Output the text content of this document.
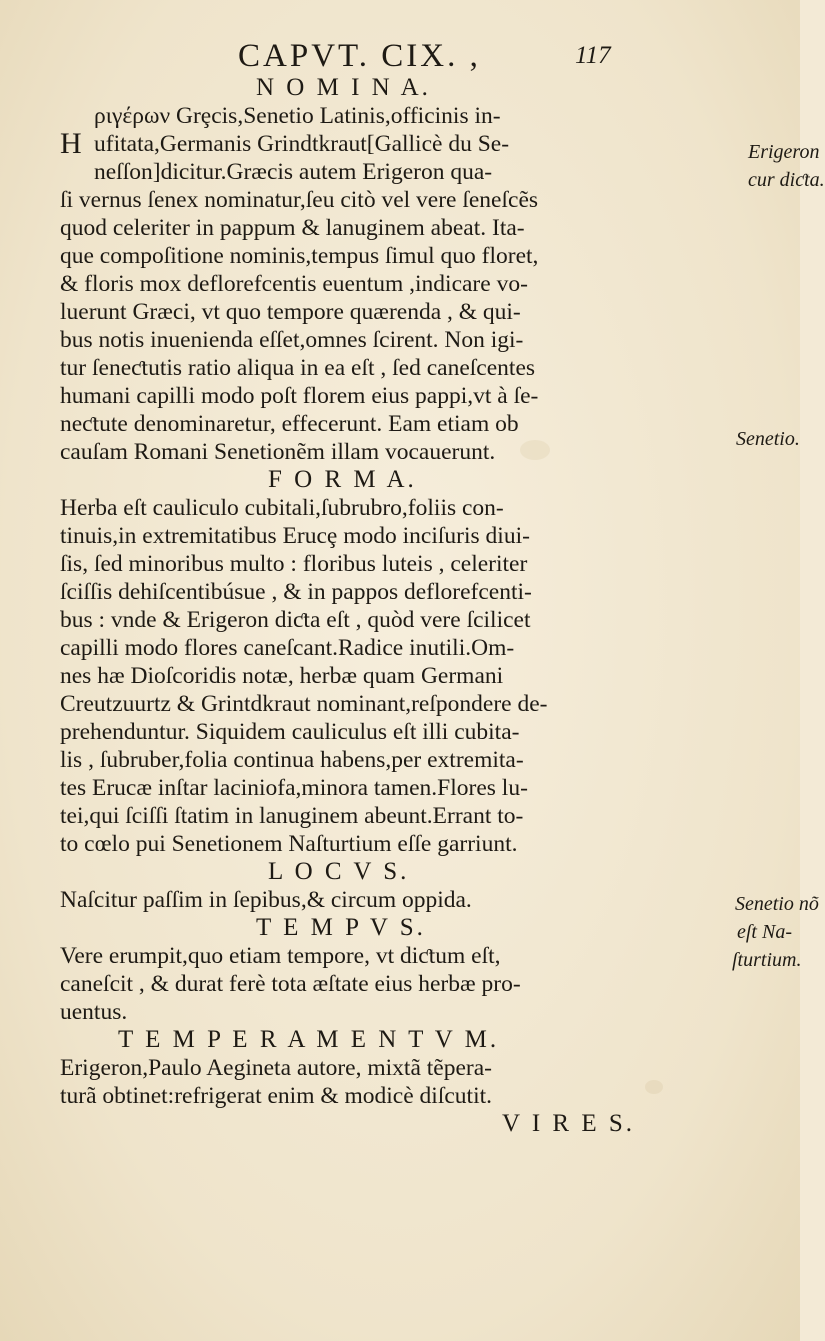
CAPVT. CIX. ,	117
N O M I N A.
ριγέρων Grȩcis,Senetio Latinis,officinis in-
H ufitata,Germanis Grindtkraut[Gallicè du Se-
neſſon]dicitur.Græcis autem Erigeron qua-
ſi vernus ſenex nominatur,ſeu citò vel vere ſeneſcẽs
quod celeriter in pappum & lanuginem abeat. Ita-
que compoſitione nominis,tempus ſimul quo floret,
& floris mox deflorefcentis euentum ,indicare vo-
luerunt Græci, vt quo tempore quærenda , & qui-
bus notis inuenienda eſſet,omnes ſcirent. Non igi-
tur ſeneƈtutis ratio aliqua in ea eſt , ſed caneſcentes
humani capilli modo poſt florem eius pappi,vt à ſe-
neƈtute denominaretur, effecerunt. Eam etiam ob
cauſam Romani Senetionẽm illam vocauerunt.
F O R M A.
Herba eſt cauliculo cubitali,ſubrubro,foliis con-
tinuis,in extremitatibus Erucȩ modo inciſuris diui-
ſis, ſed minoribus multo : floribus luteis , celeriter
ſciſſis dehiſcentibúsue , & in pappos deflorefcenti-
bus : vnde & Erigeron diƈta eſt , quòd vere ſcilicet
capilli modo flores caneſcant.Radice inutili.Om-
nes hæ Dioſcoridis notæ, herbæ quam Germani
Creutzuurtz & Grintdkraut nominant,reſpondere de-
prehenduntur. Siquidem cauliculus eſt illi cubita-
lis , ſubruber,folia continua habens,per extremita-
tes Erucæ inſtar laciniofa,minora tamen.Flores lu-
tei,qui ſciſſi ſtatim in lanuginem abeunt.Errant to-
to cœlo pui Senetionem Naſturtium eſſe garriunt.
L O C V S.
Naſcitur paſſim in ſepibus,& circum oppida.
T E M P V S.
Vere erumpit,quo etiam tempore, vt diƈtum eſt,
caneſcit , & durat ferè tota æſtate eius herbæ pro-
uentus.
T E M P E R A M E N T V M.
Erigeron,Paulo Aegineta autore, mixtã tẽpera-
turã obtinet:refrigerat enim & modicè diſcutit.
V I R E S.
Erigeron
cur diƈta.
Senetio.
Senetio nõ
eſt Na-
ſturtium.
